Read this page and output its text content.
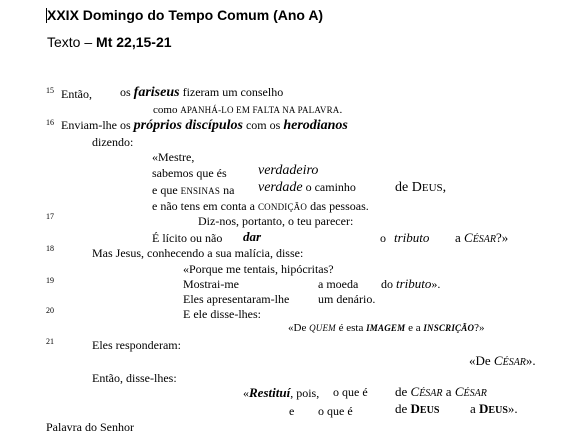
XXIX Domingo do Tempo Comum (Ano A)
Texto – Mt 22,15-21
15
16
17
18
19
20
21
Então, os fariseus fizeram um conselho
como APANHÁ-LO EM FALTA NA PALAVRA.
Enviam-lhe os próprios discípulos com os herodianos
dizendo:
«Mestre,
sabemos que és verdadeiro
e que ENSINAS na verdade o caminho	de DEUS,
e não tens em conta a CONDIÇÃO das pessoas.
Diz-nos, portanto, o teu parecer:
É lícito ou não dar	o tributo a CÉSAR?»
Mas Jesus, conhecendo a sua malícia, disse:
«Porque me tentais, hipócritas?
Mostrai-me	a moeda do tributo».
Eles apresentaram-lhe um denário.
E ele disse-lhes:
«De QUEM é esta IMAGEM e a INSCRIÇÃO?»
Eles responderam:
«De CÉSAR».
Então, disse-lhes:
«Restituí, pois, o que é de CÉSAR a CÉSAR
e o que é	de DEUS a DEUS».
Palavra do Senhor
